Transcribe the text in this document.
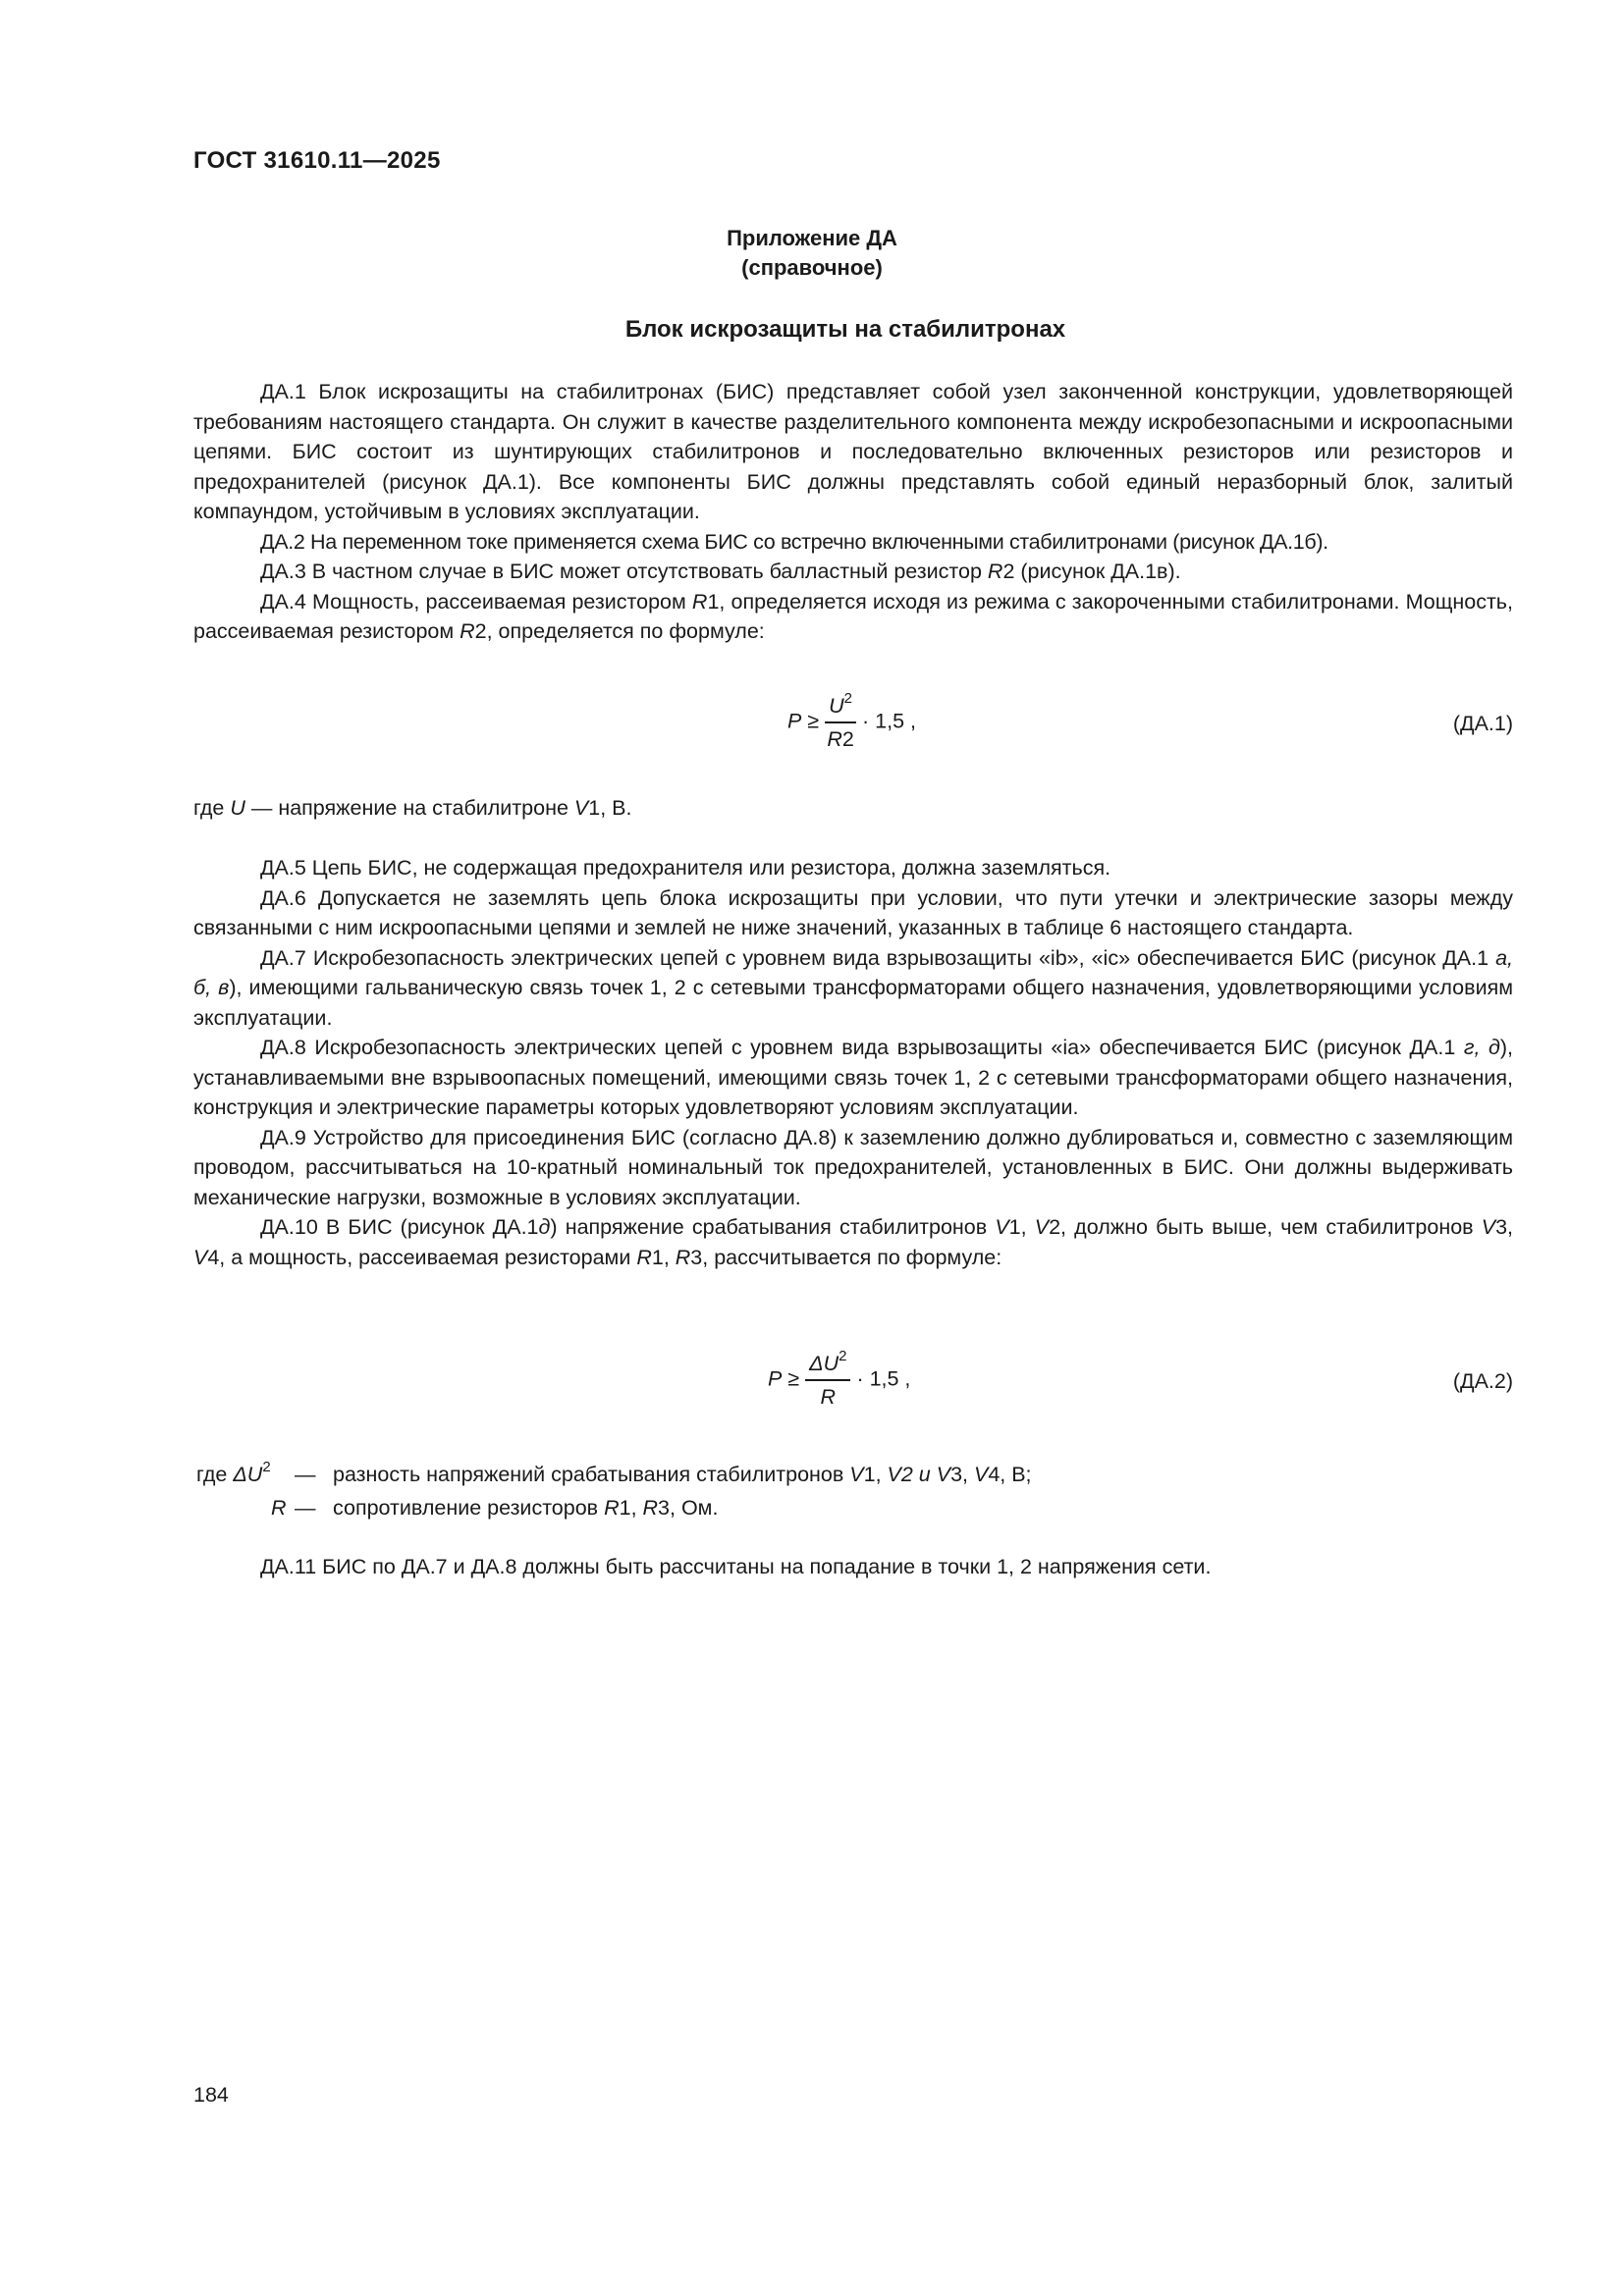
ГОСТ 31610.11—2025
Приложение ДА
(справочное)
Блок искрозащиты на стабилитронах

ДА.1 Блок искрозащиты на стабилитронах (БИС) представляет собой узел законченной конструкции, удовлетворяющей требованиям настоящего стандарта. Он служит в качестве разделительного компонента между искробезопасными и искроопасными цепями. БИС состоит из шунтирующих стабилитронов и последовательно включенных резисторов или резисторов и предохранителей (рисунок ДА.1). Все компоненты БИС должны представлять собой единый неразборный блок, залитый компаундом, устойчивым в условиях эксплуатации.

ДА.2 На переменном токе применяется схема БИС со встречно включенными стабилитронами (рисунок ДА.1б).

ДА.3 В частном случае в БИС может отсутствовать балластный резистор R2 (рисунок ДА.1в).

ДА.4 Мощность, рассеиваемая резистором R1, определяется исходя из режима с закороченными стабилитронами. Мощность, рассеиваемая резистором R2, определяется по формуле:

$P \ge \frac{U^2}{R2} \cdot 1,5$ ,	(ДА.1)
где U — напряжение на стабилитроне V1, В.

ДА.5 Цепь БИС, не содержащая предохранителя или резистора, должна заземляться.

ДА.6 Допускается не заземлять цепь блока искрозащиты при условии, что пути утечки и электрические зазоры между связанными с ним искроопасными цепями и землей не ниже значений, указанных в таблице 6 настоящего стандарта.

ДА.7 Искробезопасность электрических цепей с уровнем вида взрывозащиты «ib», «ic» обеспечивается БИС (рисунок ДА.1 а, б, в), имеющими гальваническую связь точек 1, 2 с сетевыми трансформаторами общего назначения, удовлетворяющими условиям эксплуатации.

ДА.8 Искробезопасность электрических цепей с уровнем вида взрывозащиты «ia» обеспечивается БИС (рисунок ДА.1 г, д), устанавливаемыми вне взрывоопасных помещений, имеющими связь точек 1, 2 с сетевыми трансформаторами общего назначения, конструкция и электрические параметры которых удовлетворяют условиям эксплуатации.

ДА.9 Устройство для присоединения БИС (согласно ДА.8) к заземлению должно дублироваться и, совместно с заземляющим проводом, рассчитываться на 10-кратный номинальный ток предохранителей, установленных в БИС. Они должны выдерживать механические нагрузки, возможные в условиях эксплуатации.

ДА.10 В БИС (рисунок ДА.1д) напряжение срабатывания стабилитронов V1, V2, должно быть выше, чем стабилитронов V3, V4, а мощность, рассеиваемая резисторами R1, R3, рассчитывается по формуле:

$P \ge \frac{\Delta U^2}{R} \cdot 1,5$ ,	(ДА.2)
где $\Delta U^2$ — разность напряжений срабатывания стабилитронов V1, V2 и V3, V4, В;
R — сопротивление резисторов R1, R3, Ом.

ДА.11 БИС по ДА.7 и ДА.8 должны быть рассчитаны на попадание в точки 1, 2 напряжения сети.

184
